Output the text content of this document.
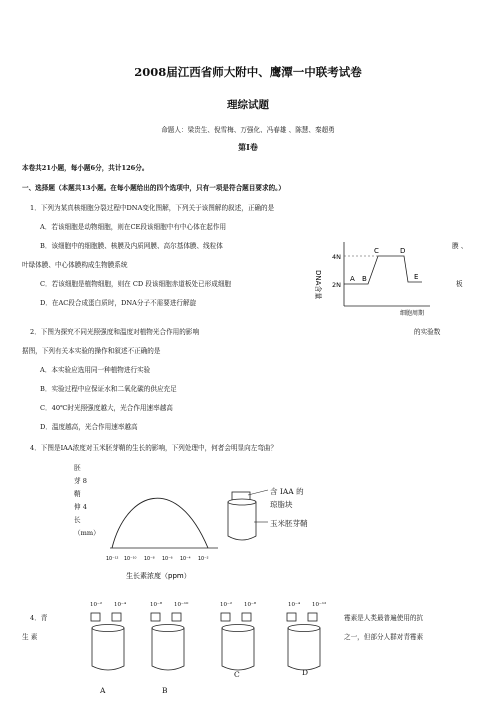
2008届江西省师大附中、鹰潭一中联考试卷
理综试题
命题人：梁贵生、倪雪梅、万强化、冯春雄 、陈慧、秦超勇
第Ⅰ卷
本卷共21小题，每小题6分，共计126分。
一、选择题（本题共13小题。在每小题给出的四个选项中，只有一项是符合题目要求的。）
1．下列为某真核细胞分裂过程中DNA变化图解，下列关于该图解的叙述，正确的是
A．若该细胞是动物细胞，则在CE段该细胞中有中心体在起作用
B．该细胞中的细胞膜、核膜及内质网膜、高尔基体膜、线粒体	膜 、
叶绿体膜、中心体膜构成生物膜系统
C．若该细胞是植物细胞，则在 CD 段该细胞赤道板处已形成细胞	板
D．在AC段合成蛋白质时，DNA分子不需要进行解旋
DNA含量
4N
2N
A B
C	D
E
细胞周期
2．下图为探究不同光照强度和温度对植物光合作用的影响	的实验数
据图，下列有关本实验的操作和叙述不正确的是
A．本实验应选用同一种植物进行实验
B．实验过程中应保证水和二氧化碳的供应充足
C．40℃时光照强度越大，光合作用速率越高
D．温度越高，光合作用速率越高
4．下图是IAA浓度对玉米胚芽鞘的生长的影响，下列处理中，何者会明显向左弯曲？
胚
芽 8
鞘
伸 4
长
（mm）
10⁻¹² 10⁻¹⁰ 10⁻⁸ 10⁻⁶ 10⁻⁴ 10⁻²
生长素浓度（ppm）
含 IAA 的
琼脂块
玉米胚芽鞘
4．青
生 素
霉素是人类最普遍使用的抗
之一，但部分人群对青霉素
10⁻² 10⁻⁴
A
10⁻⁸ 10⁻¹⁰
B
10⁻² 10⁻⁸
C
10⁻⁴ 10⁻¹²
D
